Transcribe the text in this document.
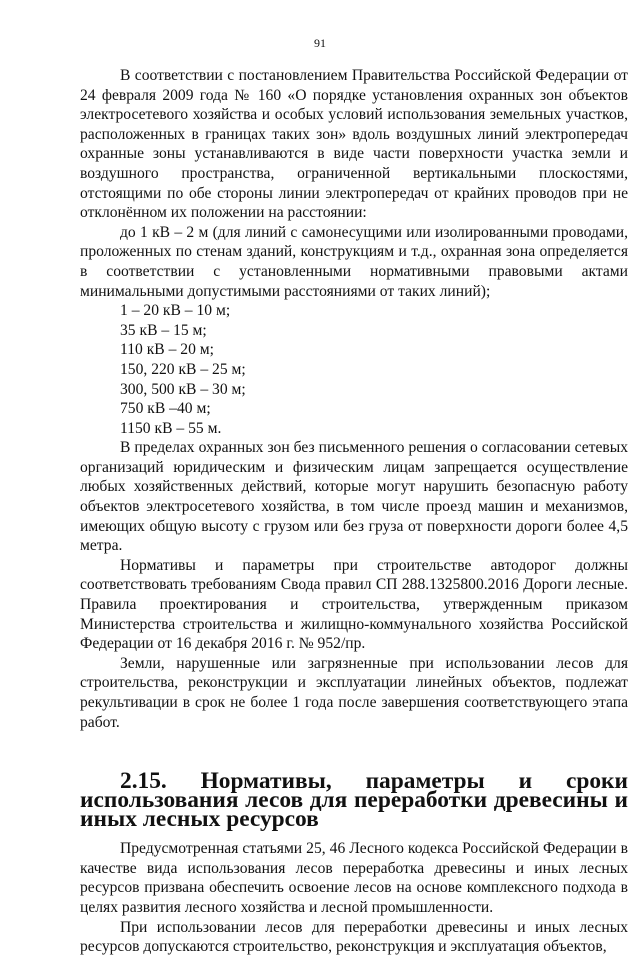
91

В соответствии с постановлением Правительства Российской Федерации от 24 февраля 2009 года № 160 «О порядке установления охранных зон объектов электросетевого хозяйства и особых условий использования земельных участков, расположенных в границах таких зон» вдоль воздушных линий электропередач охранные зоны устанавливаются в виде части поверхности участка земли и воздушного пространства, ограниченной вертикальными плоскостями, отстоящими по обе стороны линии электропередач от крайних проводов при не отклонённом их положении на расстоянии:

до 1 кВ – 2 м (для линий с самонесущими или изолированными проводами, проложенных по стенам зданий, конструкциям и т.д., охранная зона определяется в соответствии с установленными нормативными правовыми актами минимальными допустимыми расстояниями от таких линий);

1 – 20 кВ – 10 м;
35 кВ – 15 м;
110 кВ – 20 м;
150, 220 кВ – 25 м;
300, 500 кВ – 30 м;
750 кВ –40 м;
1150 кВ – 55 м.

В пределах охранных зон без письменного решения о согласовании сетевых организаций юридическим и физическим лицам запрещается осуществление любых хозяйственных действий, которые могут нарушить безопасную работу объектов электросетевого хозяйства, в том числе проезд машин и механизмов, имеющих общую высоту с грузом или без груза от поверхности дороги более 4,5 метра.

Нормативы и параметры при строительстве автодорог должны соответствовать требованиям Свода правил СП 288.1325800.2016 Дороги лесные. Правила проектирования и строительства, утвержденным приказом Министерства строительства и жилищно-коммунального хозяйства Российской Федерации от 16 декабря 2016 г. № 952/пр.

Земли, нарушенные или загрязненные при использовании лесов для строительства, реконструкции и эксплуатации линейных объектов, подлежат рекультивации в срок не более 1 года после завершения соответствующего этапа работ.

2.15. Нормативы, параметры и сроки использования лесов для переработки древесины и иных лесных ресурсов

Предусмотренная статьями 25, 46 Лесного кодекса Российской Федерации в качестве вида использования лесов переработка древесины и иных лесных ресурсов призвана обеспечить освоение лесов на основе комплексного подхода в целях развития лесного хозяйства и лесной промышленности.

При использовании лесов для переработки древесины и иных лесных ресурсов допускаются строительство, реконструкция и эксплуатация объектов,
